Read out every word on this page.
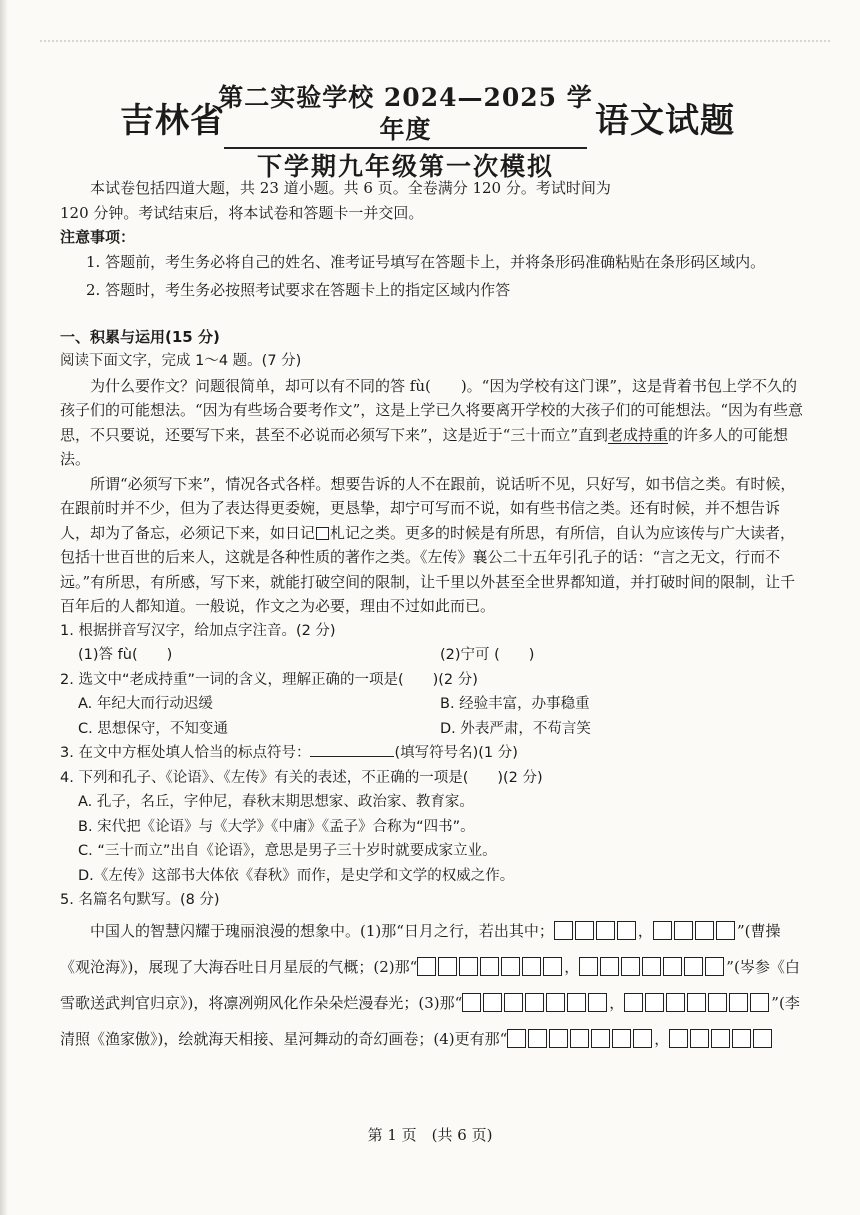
吉林省
第二实验学校 2024—2025 学年度
下学期九年级第一次模拟
语文试题

本试卷包括四道大题，共 23 道小题。共 6 页。全卷满分 120 分。考试时间为

120 分钟。考试结束后，将本试卷和答题卡一并交回。

注意事项：

1. 答题前，考生务必将自己的姓名、准考证号填写在答题卡上，并将条形码准确粘贴在条形码区域内。

2. 答题时，考生务必按照考试要求在答题卡上的指定区域内作答

一、积累与运用(15 分)

阅读下面文字，完成 1～4 题。(7 分)

为什么要作文？问题很简单，却可以有不同的答 fù(　　)。“因为学校有这门课”，这是背着书包上学不久的孩子们的可能想法。“因为有些场合要考作文”，这是上学已久将要离开学校的大孩子们的可能想法。“因为有些意思，不只要说，还要写下来，甚至不必说而必须写下来”，这是近于“三十而立”直到老成持重的许多人的可能想法。

所谓“必须写下来”，情况各式各样。想要告诉的人不在跟前，说话听不见，只好写，如书信之类。有时候，在跟前时并不少，但为了表达得更委婉，更恳挚，却宁可写而不说，如有些书信之类。还有时候，并不想告诉人，却为了备忘，必须记下来，如日记 札记之类。更多的时候是有所思，有所信，自认为应该传与广大读者，包括十世百世的后来人，这就是各种性质的著作之类。《左传》襄公二十五年引孔子的话：“言之无文，行而不远。”有所思，有所感，写下来，就能打破空间的限制，让千里以外甚至全世界都知道，并打破时间的限制，让千百年后的人都知道。一般说，作文之为必要，理由不过如此而已。

1. 根据拼音写汉字，给加点字注音。(2 分)

(1)答 fù(　　)	(2)宁可 (　　)

2. 选文中“老成持重”一词的含义，理解正确的一项是(　　)(2 分)

A. 年纪大而行动迟缓	B. 经验丰富，办事稳重
C. 思想保守，不知变通	D. 外表严肃，不苟言笑

3. 在文中方框处填人恰当的标点符号：	(填写符号名)(1 分)

4. 下列和孔子、《论语》、《左传》有关的表述，不正确的一项是(　　)(2 分)

A. 孔子，名丘，字仲尼，春秋末期思想家、政治家、教育家。
B. 宋代把《论语》与《大学》《中庸》《孟子》合称为“四书”。
C. “三十而立”出自《论语》，意思是男子三十岁时就要成家立业。
D.《左传》这部书大体依《春秋》而作，是史学和文学的权威之作。

5. 名篇名句默写。(8 分)

中国人的智慧闪耀于瑰丽浪漫的想象中。(1)那“日月之行，若出其中；	，	”(曹操《观沧海》)，展现了大海吞吐日月星辰的气概；(2)那“	，	”(岑参《白雪歌送武判官归京》)，将凛冽朔风化作朵朵烂漫春光；(3)那“	，	”(李清照《渔家傲》)，绘就海天相接、星河舞动的奇幻画卷；(4)更有那“	，
第 1 页　(共 6 页)
